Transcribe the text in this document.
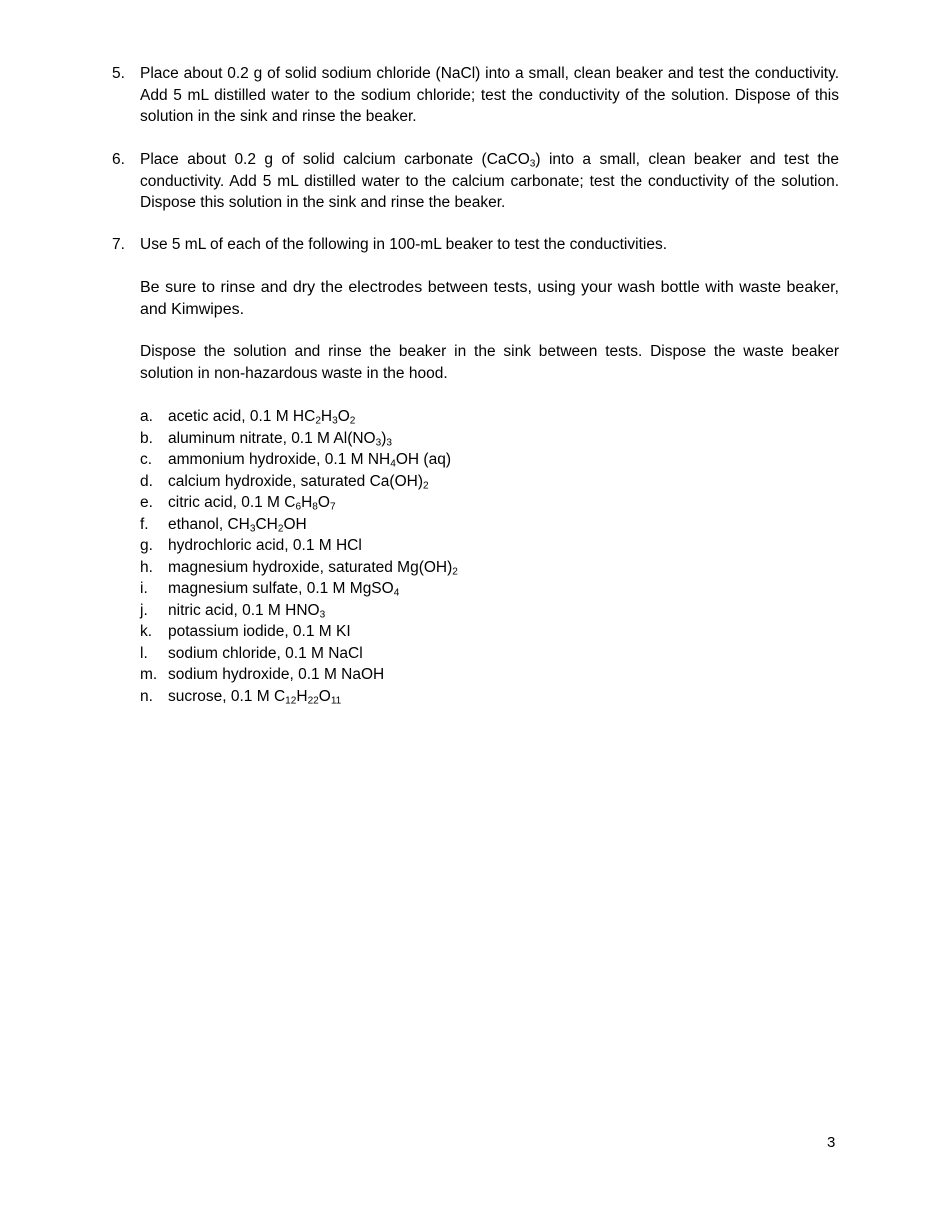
5. Place about 0.2 g of solid sodium chloride (NaCl) into a small, clean beaker and test the conductivity. Add 5 mL distilled water to the sodium chloride; test the conductivity of the solution. Dispose of this solution in the sink and rinse the beaker.
6. Place about 0.2 g of solid calcium carbonate (CaCO$_3$) into a small, clean beaker and test the conductivity. Add 5 mL distilled water to the calcium carbonate; test the conductivity of the solution. Dispose this solution in the sink and rinse the beaker.
7. Use 5 mL of each of the following in 100-mL beaker to test the conductivities.
Be sure to rinse and dry the electrodes between tests, using your wash bottle with waste beaker, and Kimwipes.
Dispose the solution and rinse the beaker in the sink between tests. Dispose the waste beaker solution in non-hazardous waste in the hood.
a. acetic acid, 0.1 M $HC_2H_3O_2$
b. aluminum nitrate, 0.1 M $Al(NO_3)_3$
c.	ammonium hydroxide, 0.1 M $NH_4OH$ (aq)
d. calcium hydroxide, saturated $Ca(OH)_2$
e. citric acid, 0.1 M $C_6H_8O_7$
f.	ethanol, $CH_3CH_2OH$
g. hydrochloric acid, 0.1 M HCl
h. magnesium hydroxide, saturated $Mg(OH)_2$
i.	magnesium sulfate, 0.1 M MgSO$_4$
j.	nitric acid, 0.1 M $HNO_3$
k.	potassium iodide, 0.1 M KI
l.	sodium chloride, 0.1 M NaCl
m. sodium hydroxide, 0.1 M NaOH
n. sucrose, 0.1 M $C_{12}H_{22}O_{11}$
3
